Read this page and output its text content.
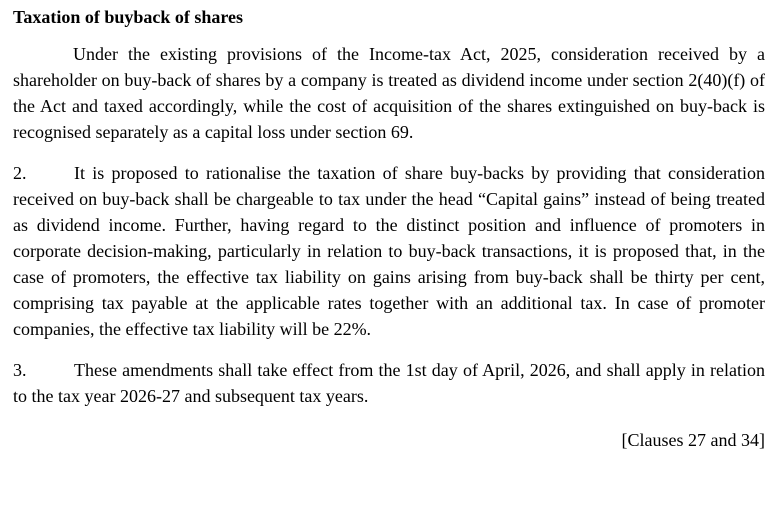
Taxation of buyback of shares

Under the existing provisions of the Income-tax Act, 2025, consideration received by a shareholder on buy-back of shares by a company is treated as dividend income under section 2(40)(f) of the Act and taxed accordingly, while the cost of acquisition of the shares extinguished on buy-back is recognised separately as a capital loss under section 69.

2.	It is proposed to rationalise the taxation of share buy-backs by providing that consideration received on buy-back shall be chargeable to tax under the head “Capital gains” instead of being treated as dividend income. Further, having regard to the distinct position and influence of promoters in corporate decision-making, particularly in relation to buy-back transactions, it is proposed that, in the case of promoters, the effective tax liability on gains arising from buy-back shall be thirty per cent, comprising tax payable at the applicable rates together with an additional tax. In case of promoter companies, the effective tax liability will be 22%.

3.	These amendments shall take effect from the 1st day of April, 2026, and shall apply in relation to the tax year 2026-27 and subsequent tax years.

[Clauses 27 and 34]
